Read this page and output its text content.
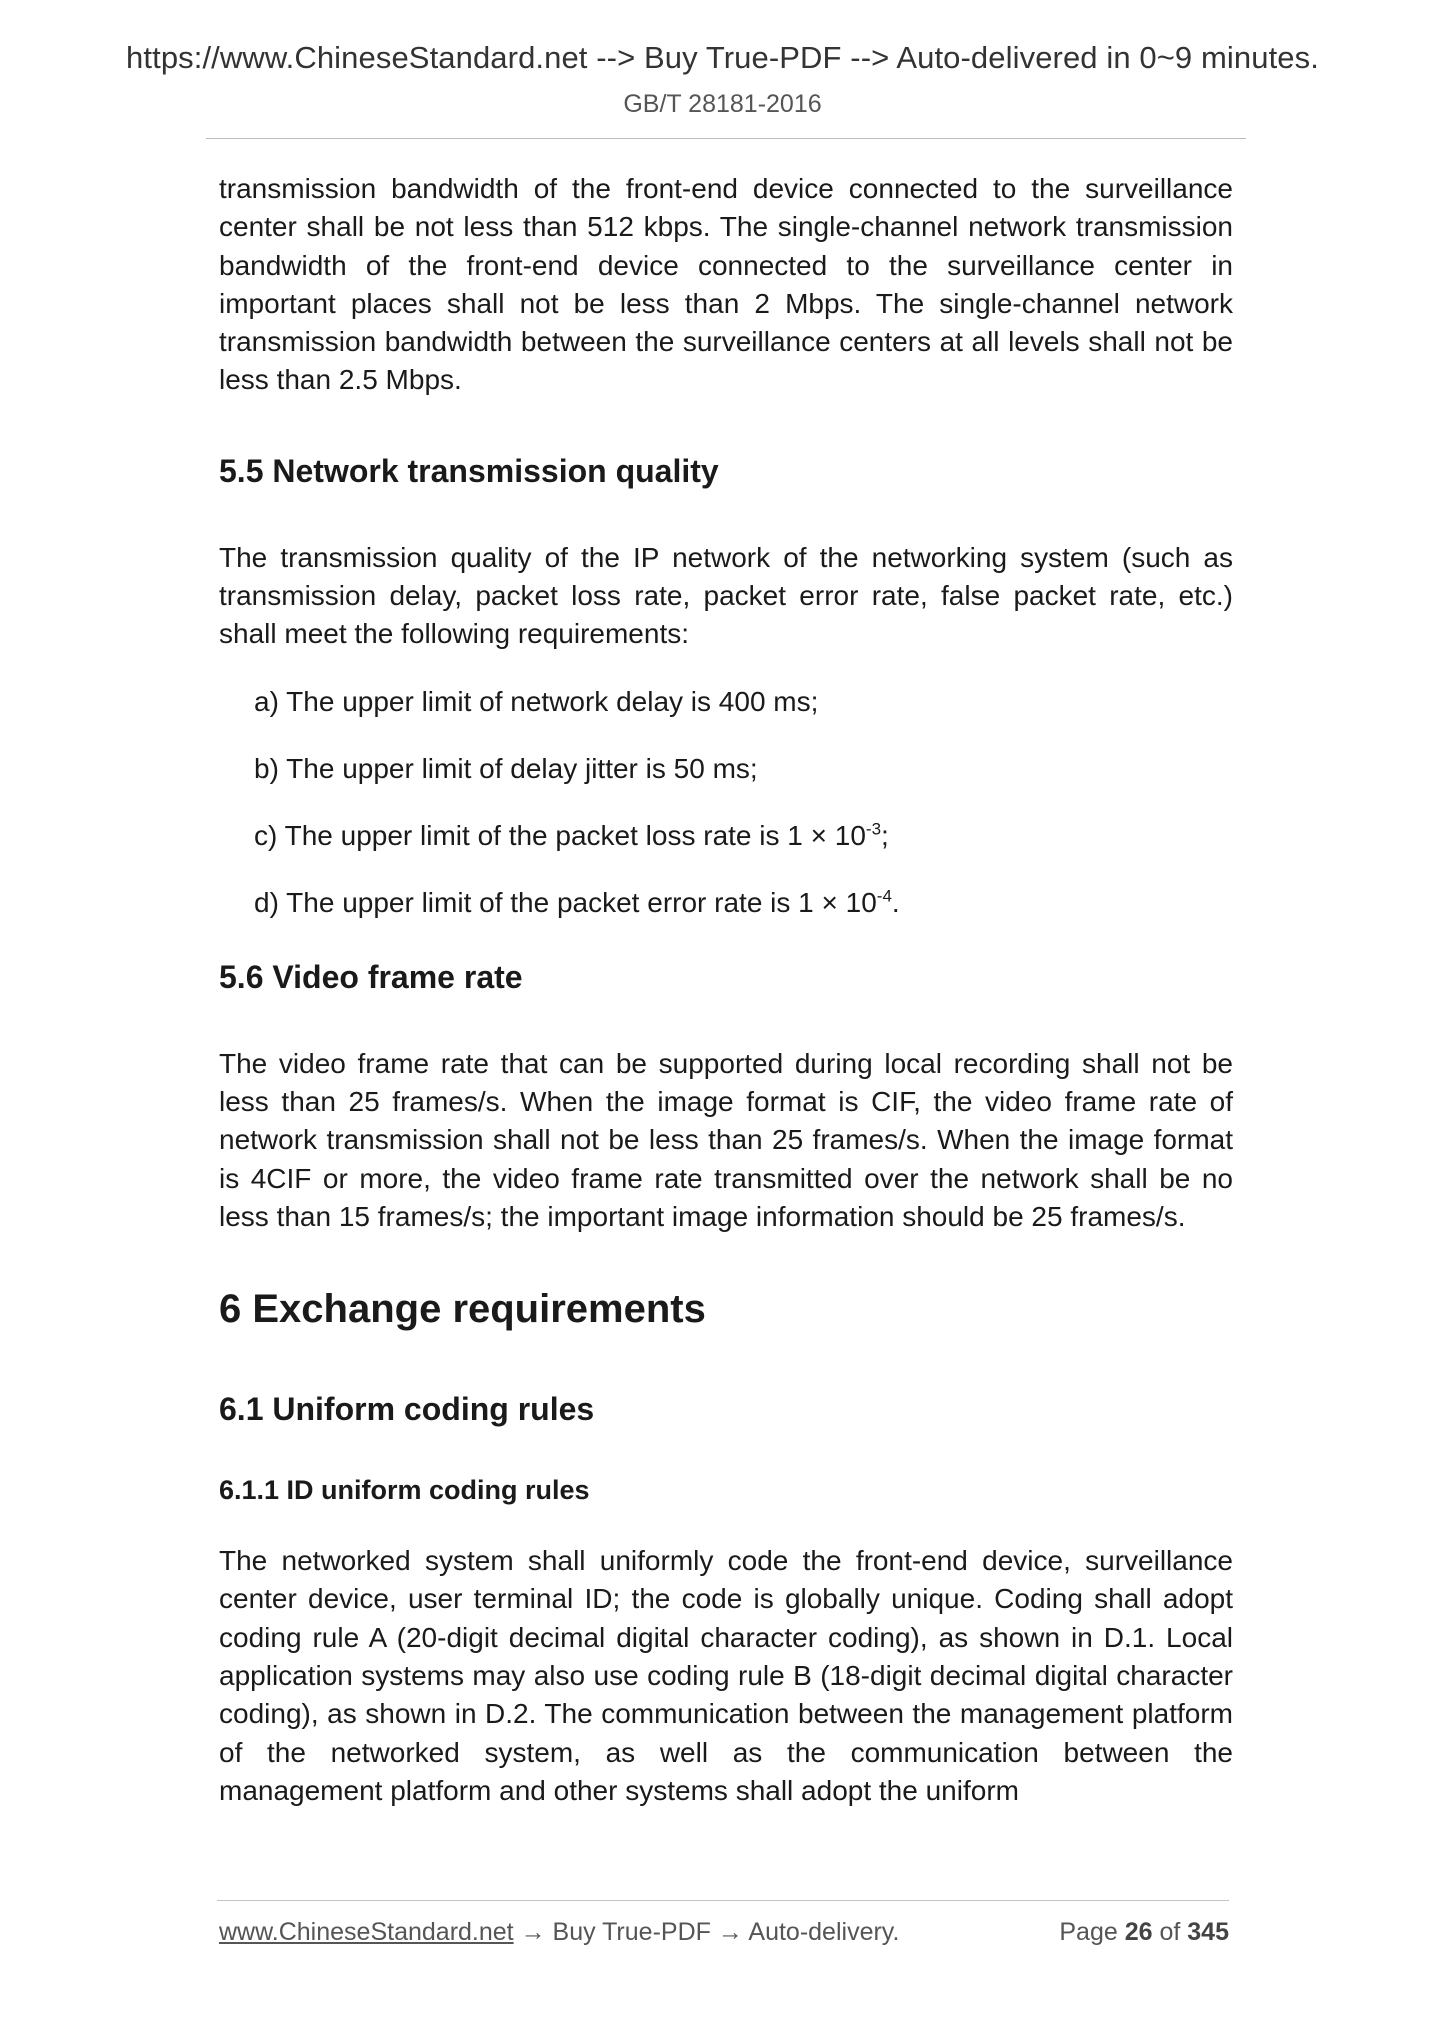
https://www.ChineseStandard.net --> Buy True-PDF --> Auto-delivered in 0~9 minutes.
GB/T 28181-2016

transmission bandwidth of the front-end device connected to the surveillance center shall be not less than 512 kbps. The single-channel network transmission bandwidth of the front-end device connected to the surveillance center in important places shall not be less than 2 Mbps. The single-channel network transmission bandwidth between the surveillance centers at all levels shall not be less than 2.5 Mbps.

5.5 Network transmission quality

The transmission quality of the IP network of the networking system (such as transmission delay, packet loss rate, packet error rate, false packet rate, etc.) shall meet the following requirements:

a) The upper limit of network delay is 400 ms;
b) The upper limit of delay jitter is 50 ms;
c) The upper limit of the packet loss rate is $1 \times 10^{-3}$;
d) The upper limit of the packet error rate is $1 \times 10^{-4}$.
5.6 Video frame rate

The video frame rate that can be supported during local recording shall not be less than 25 frames/s. When the image format is CIF, the video frame rate of network transmission shall not be less than 25 frames/s. When the image format is 4CIF or more, the video frame rate transmitted over the network shall be no less than 15 frames/s; the important image information should be 25 frames/s.

6 Exchange requirements
6.1 Uniform coding rules
6.1.1 ID uniform coding rules

The networked system shall uniformly code the front-end device, surveillance center device, user terminal ID; the code is globally unique. Coding shall adopt coding rule A (20-digit decimal digital character coding), as shown in D.1. Local application systems may also use coding rule B (18-digit decimal digital character coding), as shown in D.2. The communication between the management platform of the networked system, as well as the communication between the management platform and other systems shall adopt the uniform

www.ChineseStandard.net → Buy True-PDF → Auto-delivery.	Page 26 of 345
